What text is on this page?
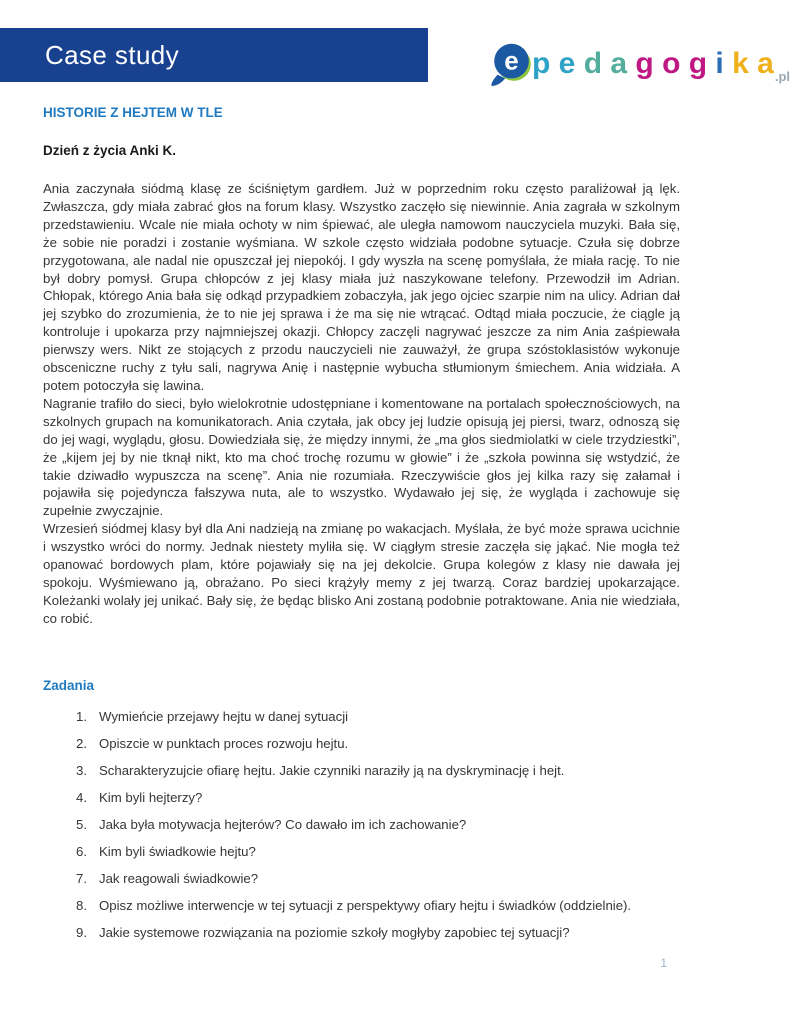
Case study	e p e d a g o g i k a .pl
HISTORIE Z HEJTEM W TLE
Dzień z życia Anki K.

Ania zaczynała siódmą klasę ze ściśniętym gardłem. Już w poprzednim roku często paraliżował ją lęk. Zwłaszcza, gdy miała zabrać głos na forum klasy. Wszystko zaczęło się niewinnie. Ania zagrała w szkolnym przedstawieniu. Wcale nie miała ochoty w nim śpiewać, ale uległa namowom nauczyciela muzyki. Bała się, że sobie nie poradzi i zostanie wyśmiana. W szkole często widziała podobne sytuacje. Czuła się dobrze przygotowana, ale nadal nie opuszczał jej niepokój. I gdy wyszła na scenę pomyślała, że miała rację. To nie był dobry pomysł. Grupa chłopców z jej klasy miała już naszykowane telefony. Przewodził im Adrian. Chłopak, którego Ania bała się odkąd przypadkiem zobaczyła, jak jego ojciec szarpie nim na ulicy. Adrian dał jej szybko do zrozumienia, że to nie jej sprawa i że ma się nie wtrącać. Odtąd miała poczucie, że ciągle ją kontroluje i upokarza przy najmniejszej okazji. Chłopcy zaczęli nagrywać jeszcze za nim Ania zaśpiewała pierwszy wers. Nikt ze stojących z przodu nauczycieli nie zauważył, że grupa szóstoklasistów wykonuje obsceniczne ruchy z tyłu sali, nagrywa Anię i następnie wybucha stłumionym śmiechem. Ania widziała. A potem potoczyła się lawina.

Nagranie trafiło do sieci, było wielokrotnie udostępniane i komentowane na portalach społecznościowych, na szkolnych grupach na komunikatorach. Ania czytała, jak obcy jej ludzie opisują jej piersi, twarz, odnoszą się do jej wagi, wyglądu, głosu. Dowiedziała się, że między innymi, że „ma głos siedmiolatki w ciele trzydziestki”, że „kijem jej by nie tknął nikt, kto ma choć trochę rozumu w głowie” i że „szkoła powinna się wstydzić, że takie dziwadło wypuszcza na scenę”. Ania nie rozumiała. Rzeczywiście głos jej kilka razy się załamał i pojawiła się pojedyncza fałszywa nuta, ale to wszystko. Wydawało jej się, że wygląda i zachowuje się zupełnie zwyczajnie.

Wrzesień siódmej klasy był dla Ani nadzieją na zmianę po wakacjach. Myślała, że być może sprawa ucichnie i wszystko wróci do normy. Jednak niestety myliła się. W ciągłym stresie zaczęła się jąkać. Nie mogła też opanować bordowych plam, które pojawiały się na jej dekolcie. Grupa kolegów z klasy nie dawała jej spokoju. Wyśmiewano ją, obrażano. Po sieci krążyły memy z jej twarzą. Coraz bardziej upokarzające. Koleżanki wolały jej unikać. Bały się, że będąc blisko Ani zostaną podobnie potraktowane. Ania nie wiedziała, co robić.

Zadania
1. Wymieńcie przejawy hejtu w danej sytuacji
2. Opiszcie w punktach proces rozwoju hejtu.
3. Scharakteryzujcie ofiarę hejtu. Jakie czynniki naraziły ją na dyskryminację i hejt.
4. Kim byli hejterzy?
5. Jaka była motywacja hejterów? Co dawało im ich zachowanie?
6. Kim byli świadkowie hejtu?
7. Jak reagowali świadkowie?
8. Opisz możliwe interwencje w tej sytuacji z perspektywy ofiary hejtu i świadków (oddzielnie).
9. Jakie systemowe rozwiązania na poziomie szkoły mogłyby zapobiec tej sytuacji?
1
